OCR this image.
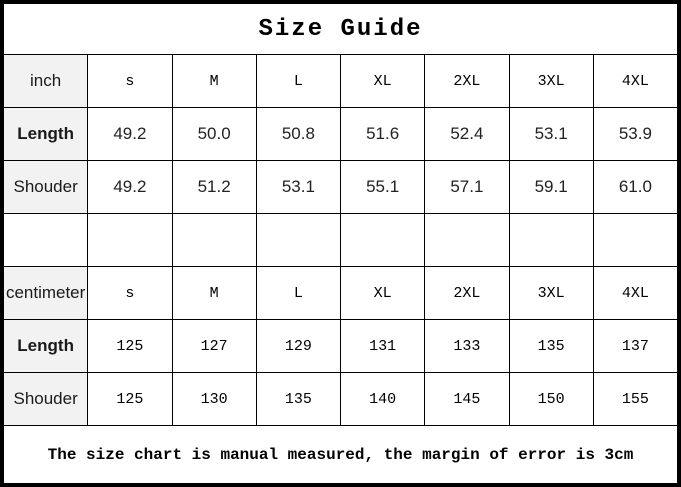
Size Guide							
inch	s	M	L	XL	2XL	3XL	4XL
Length	49.2	50.0	50.8	51.6	52.4	53.1	53.9
Shouder	49.2	51.2	53.1	55.1	57.1	59.1	61.0

centimeter	s	M	L	XL	2XL	3XL	4XL
Length	125	127	129	131	133	135	137
Shouder	125	130	135	140	145	150	155
The size chart is manual measured, the margin of error is 3cm							
